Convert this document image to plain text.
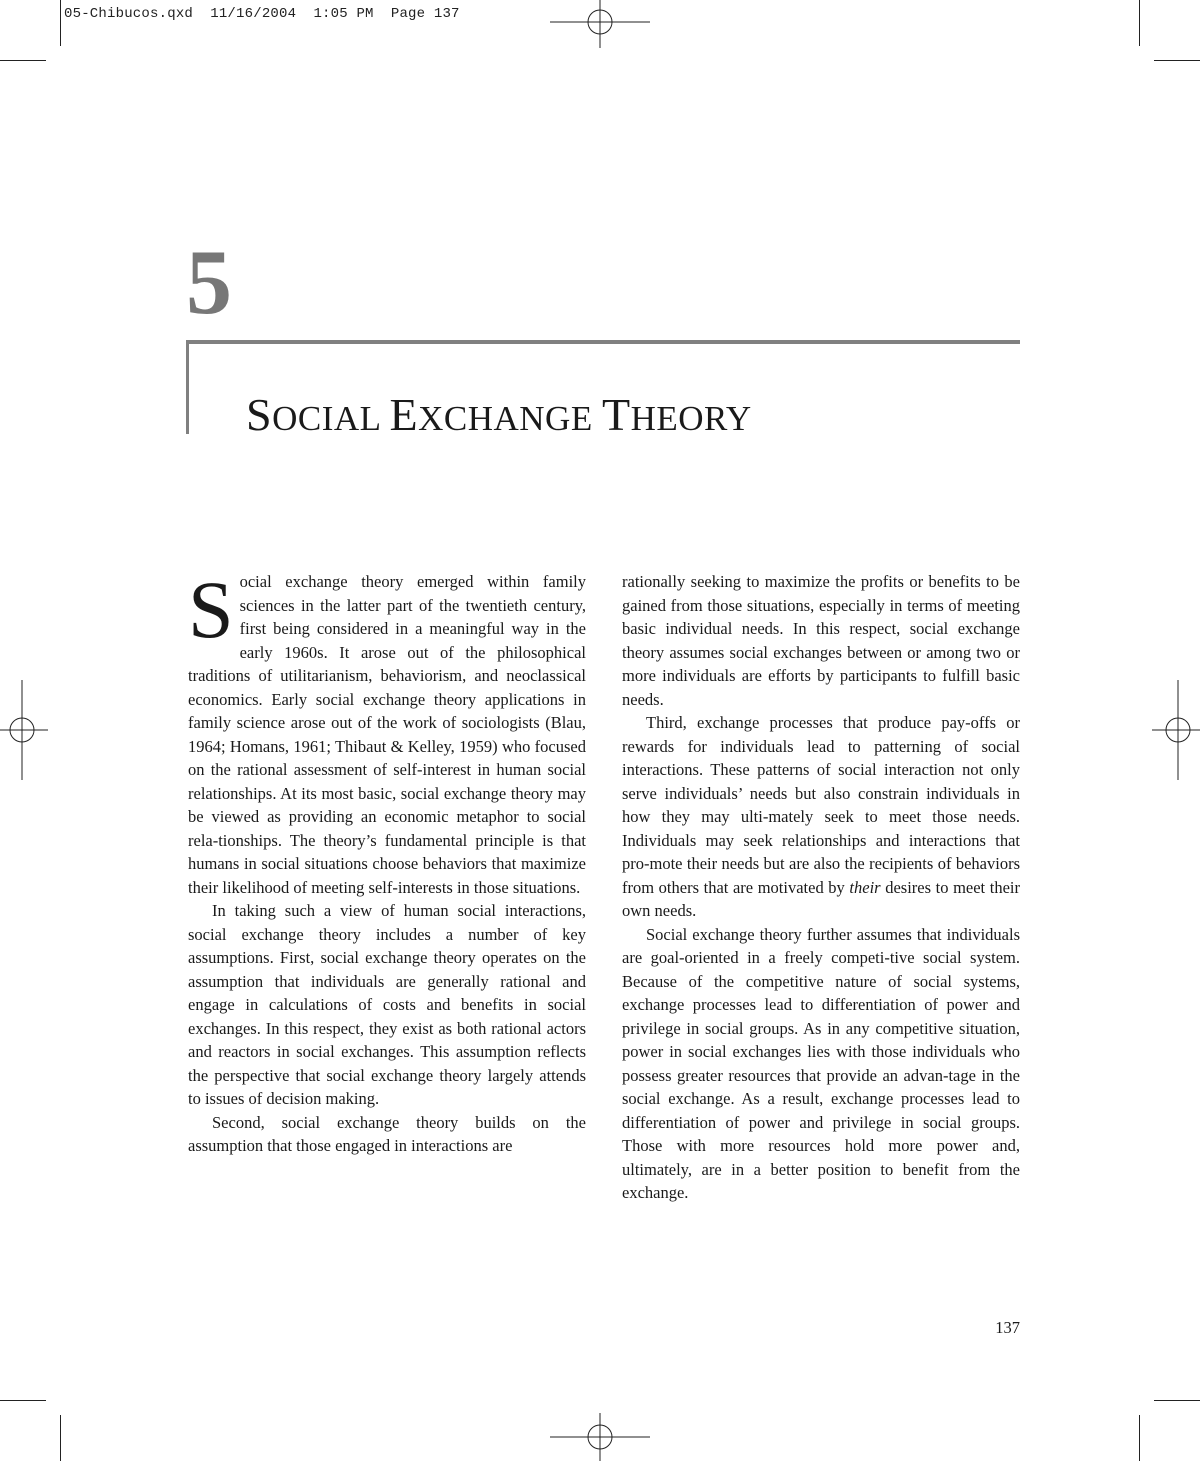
05-Chibucos.qxd  11/16/2004  1:05 PM  Page 137
5
SOCIAL EXCHANGE THEORY

Social exchange theory emerged within family sciences in the latter part of the twentieth century, first being considered in a meaningful way in the early 1960s. It arose out of the philosophical traditions of utilitarianism, behaviorism, and neoclassical economics. Early social exchange theory applications in family science arose out of the work of sociologists (Blau, 1964; Homans, 1961; Thibaut & Kelley, 1959) who focused on the rational assessment of self-interest in human social relationships. At its most basic, social exchange theory may be viewed as providing an economic metaphor to social rela-tionships. The theory’s fundamental principle is that humans in social situations choose behaviors that maximize their likelihood of meeting self-interests in those situations.

In taking such a view of human social interactions, social exchange theory includes a number of key assumptions. First, social exchange theory operates on the assumption that individuals are generally rational and engage in calculations of costs and benefits in social exchanges. In this respect, they exist as both rational actors and reactors in social exchanges. This assumption reflects the perspective that social exchange theory largely attends to issues of decision making.

Second, social exchange theory builds on the assumption that those engaged in interactions are

rationally seeking to maximize the profits or benefits to be gained from those situations, especially in terms of meeting basic individual needs. In this respect, social exchange theory assumes social exchanges between or among two or more individuals are efforts by participants to fulfill basic needs.

Third, exchange processes that produce pay-offs or rewards for individuals lead to patterning of social interactions. These patterns of social interaction not only serve individuals’ needs but also constrain individuals in how they may ulti-mately seek to meet those needs. Individuals may seek relationships and interactions that pro-mote their needs but are also the recipients of behaviors from others that are motivated by their desires to meet their own needs.

Social exchange theory further assumes that individuals are goal-oriented in a freely competi-tive social system. Because of the competitive nature of social systems, exchange processes lead to differentiation of power and privilege in social groups. As in any competitive situation, power in social exchanges lies with those individuals who possess greater resources that provide an advan-tage in the social exchange. As a result, exchange processes lead to differentiation of power and privilege in social groups. Those with more resources hold more power and, ultimately, are in a better position to benefit from the exchange.

137
